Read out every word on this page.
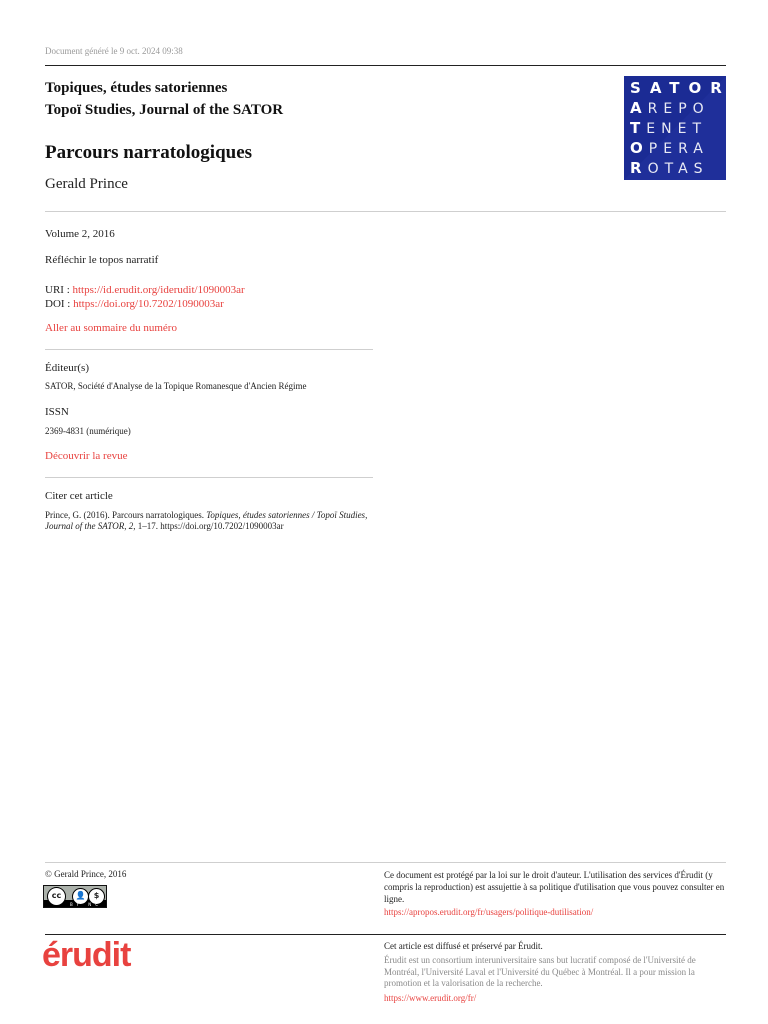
Document généré le 9 oct. 2024 09:38
Topiques, études satoriennes
Topoï Studies, Journal of the SATOR
SATOR
AREPO
TENET
OPERA
ROTAS
Parcours narratologiques
Gerald Prince
Volume 2, 2016
Réfléchir le topos narratif
URI : https://id.erudit.org/iderudit/1090003ar
DOI : https://doi.org/10.7202/1090003ar
Aller au sommaire du numéro
Éditeur(s)
SATOR, Société d'Analyse de la Topique Romanesque d'Ancien Régime
ISSN
2369-4831 (numérique)
Découvrir la revue
Citer cet article
Prince, G. (2016). Parcours narratologiques. Topiques, études satoriennes / Topoï Studies, Journal of the SATOR, 2, 1–17. https://doi.org/10.7202/1090003ar
© Gerald Prince, 2016
cc	👤	$
BY NC
Ce document est protégé par la loi sur le droit d'auteur. L'utilisation des services d'Érudit (y compris la reproduction) est assujettie à sa politique d'utilisation que vous pouvez consulter en ligne.
https://apropos.erudit.org/fr/usagers/politique-dutilisation/
érudit	Cet article est diffusé et préservé par Érudit.
Érudit est un consortium interuniversitaire sans but lucratif composé de l'Université de Montréal, l'Université Laval et l'Université du Québec à Montréal. Il a pour mission la promotion et la valorisation de la recherche.
https://www.erudit.org/fr/
